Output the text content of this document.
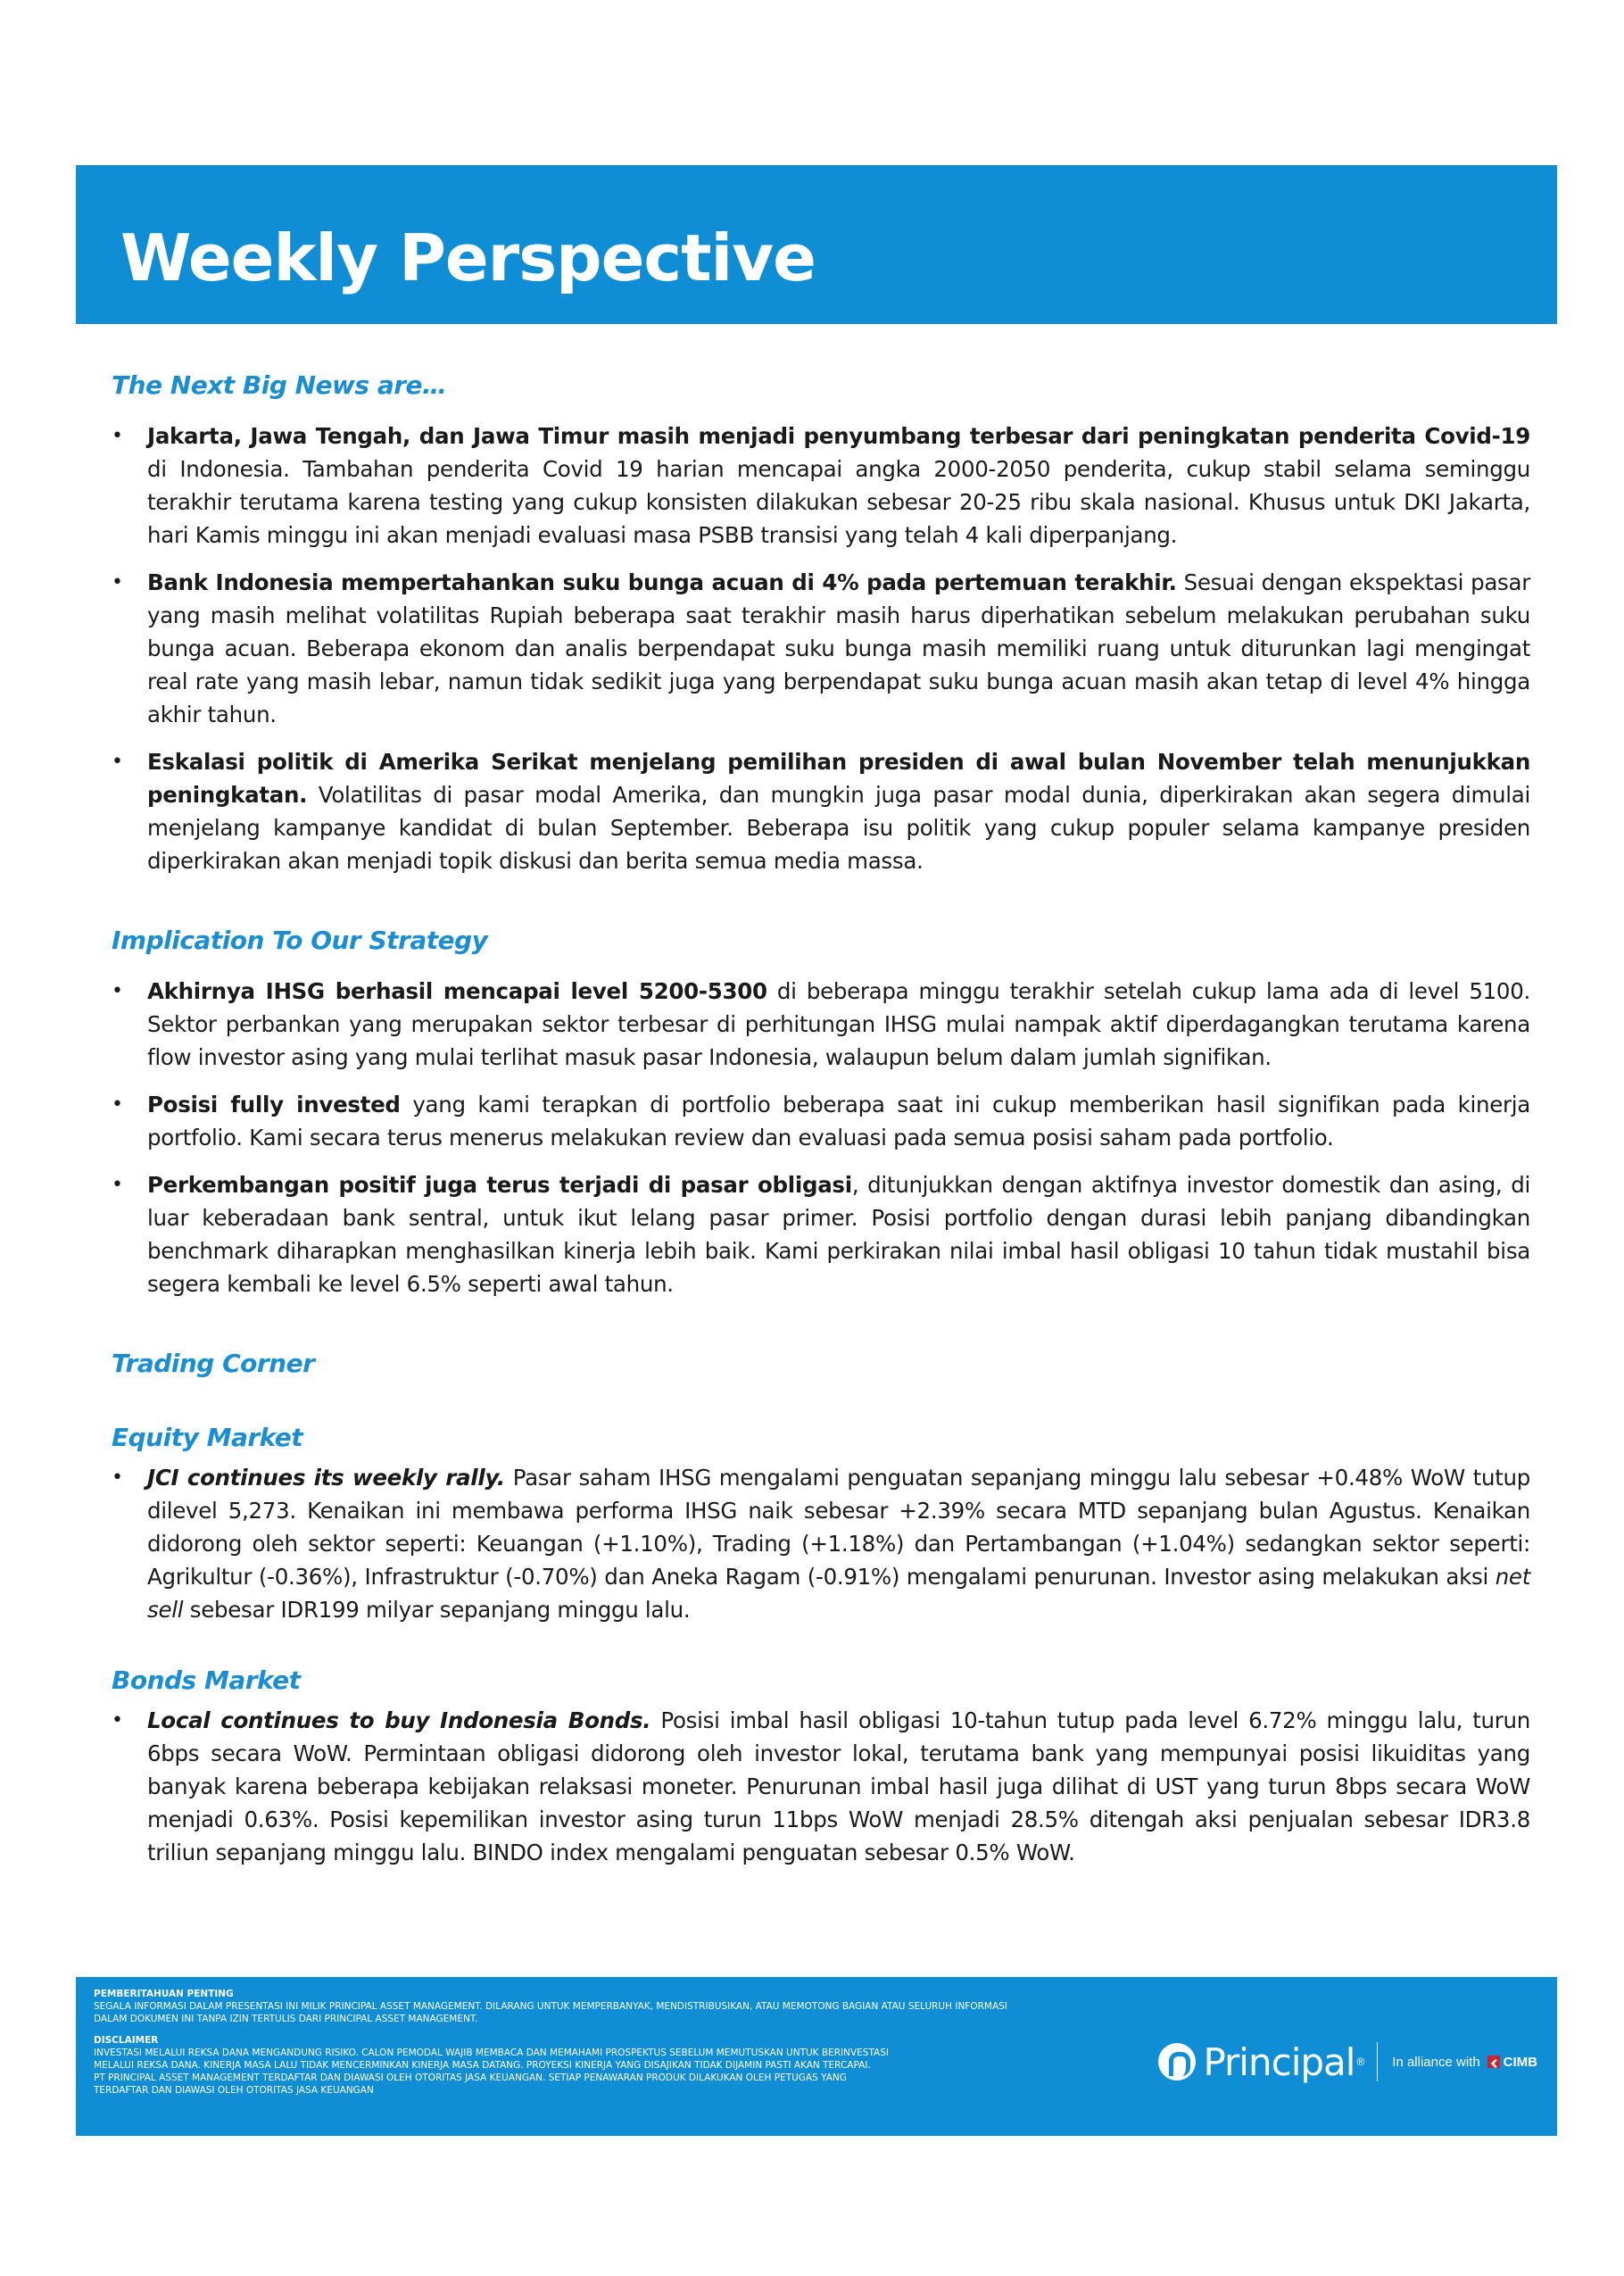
Weekly Perspective
The Next Big News are…
• Jakarta, Jawa Tengah, dan Jawa Timur masih menjadi penyumbang terbesar dari peningkatan penderita Covid-19 di Indonesia. Tambahan penderita Covid 19 harian mencapai angka 2000-2050 penderita, cukup stabil selama seminggu terakhir terutama karena testing yang cukup konsisten dilakukan sebesar 20-25 ribu skala nasional. Khusus untuk DKI Jakarta, hari Kamis minggu ini akan menjadi evaluasi masa PSBB transisi yang telah 4 kali diperpanjang.
• Bank Indonesia mempertahankan suku bunga acuan di 4% pada pertemuan terakhir. Sesuai dengan ekspektasi pasar yang masih melihat volatilitas Rupiah beberapa saat terakhir masih harus diperhatikan sebelum melakukan perubahan suku bunga acuan. Beberapa ekonom dan analis berpendapat suku bunga masih memiliki ruang untuk diturunkan lagi mengingat real rate yang masih lebar, namun tidak sedikit juga yang berpendapat suku bunga acuan masih akan tetap di level 4% hingga akhir tahun.
• Eskalasi politik di Amerika Serikat menjelang pemilihan presiden di awal bulan November telah menunjukkan peningkatan. Volatilitas di pasar modal Amerika, dan mungkin juga pasar modal dunia, diperkirakan akan segera dimulai menjelang kampanye kandidat di bulan September. Beberapa isu politik yang cukup populer selama kampanye presiden diperkirakan akan menjadi topik diskusi dan berita semua media massa.
Implication To Our Strategy
• Akhirnya IHSG berhasil mencapai level 5200-5300 di beberapa minggu terakhir setelah cukup lama ada di level 5100. Sektor perbankan yang merupakan sektor terbesar di perhitungan IHSG mulai nampak aktif diperdagangkan terutama karena flow investor asing yang mulai terlihat masuk pasar Indonesia, walaupun belum dalam jumlah signifikan.
• Posisi fully invested yang kami terapkan di portfolio beberapa saat ini cukup memberikan hasil signifikan pada kinerja portfolio. Kami secara terus menerus melakukan review dan evaluasi pada semua posisi saham pada portfolio.
• Perkembangan positif juga terus terjadi di pasar obligasi, ditunjukkan dengan aktifnya investor domestik dan asing, di luar keberadaan bank sentral, untuk ikut lelang pasar primer. Posisi portfolio dengan durasi lebih panjang dibandingkan benchmark diharapkan menghasilkan kinerja lebih baik. Kami perkirakan nilai imbal hasil obligasi 10 tahun tidak mustahil bisa segera kembali ke level 6.5% seperti awal tahun.
Trading Corner
Equity Market
• JCI continues its weekly rally. Pasar saham IHSG mengalami penguatan sepanjang minggu lalu sebesar +0.48% WoW tutup dilevel 5,273. Kenaikan ini membawa performa IHSG naik sebesar +2.39% secara MTD sepanjang bulan Agustus. Kenaikan didorong oleh sektor seperti: Keuangan (+1.10%), Trading (+1.18%) dan Pertambangan (+1.04%) sedangkan sektor seperti: Agrikultur (-0.36%), Infrastruktur (-0.70%) dan Aneka Ragam (-0.91%) mengalami penurunan. Investor asing melakukan aksi net sell sebesar IDR199 milyar sepanjang minggu lalu.
Bonds Market
• Local continues to buy Indonesia Bonds. Posisi imbal hasil obligasi 10-tahun tutup pada level 6.72% minggu lalu, turun 6bps secara WoW. Permintaan obligasi didorong oleh investor lokal, terutama bank yang mempunyai posisi likuiditas yang banyak karena beberapa kebijakan relaksasi moneter. Penurunan imbal hasil juga dilihat di UST yang turun 8bps secara WoW menjadi 0.63%. Posisi kepemilikan investor asing turun 11bps WoW menjadi 28.5% ditengah aksi penjualan sebesar IDR3.8 triliun sepanjang minggu lalu. BINDO index mengalami penguatan sebesar 0.5% WoW.

PEMBERITAHUAN PENTING

SEGALA INFORMASI DALAM PRESENTASI INI MILIK PRINCIPAL ASSET MANAGEMENT. DILARANG UNTUK MEMPERBANYAK, MENDISTRIBUSIKAN, ATAU MEMOTONG BAGIAN ATAU SELURUH INFORMASI

DALAM DOKUMEN INI TANPA IZIN TERTULIS DARI PRINCIPAL ASSET MANAGEMENT.

DISCLAIMER

INVESTASI MELALUI REKSA DANA MENGANDUNG RISIKO. CALON PEMODAL WAJIB MEMBACA DAN MEMAHAMI PROSPEKTUS SEBELUM MEMUTUSKAN UNTUK BERINVESTASI

MELALUI REKSA DANA. KINERJA MASA LALU TIDAK MENCERMINKAN KINERJA MASA DATANG. PROYEKSI KINERJA YANG DISAJIKAN TIDAK DIJAMIN PASTI AKAN TERCAPAI.

PT PRINCIPAL ASSET MANAGEMENT TERDAFTAR DAN DIAWASI OLEH OTORITAS JASA KEUANGAN. SETIAP PENAWARAN PRODUK DILAKUKAN OLEH PETUGAS YANG

TERDAFTAR DAN DIAWASI OLEH OTORITAS JASA KEUANGAN

Principal ® In alliance with CIMB
